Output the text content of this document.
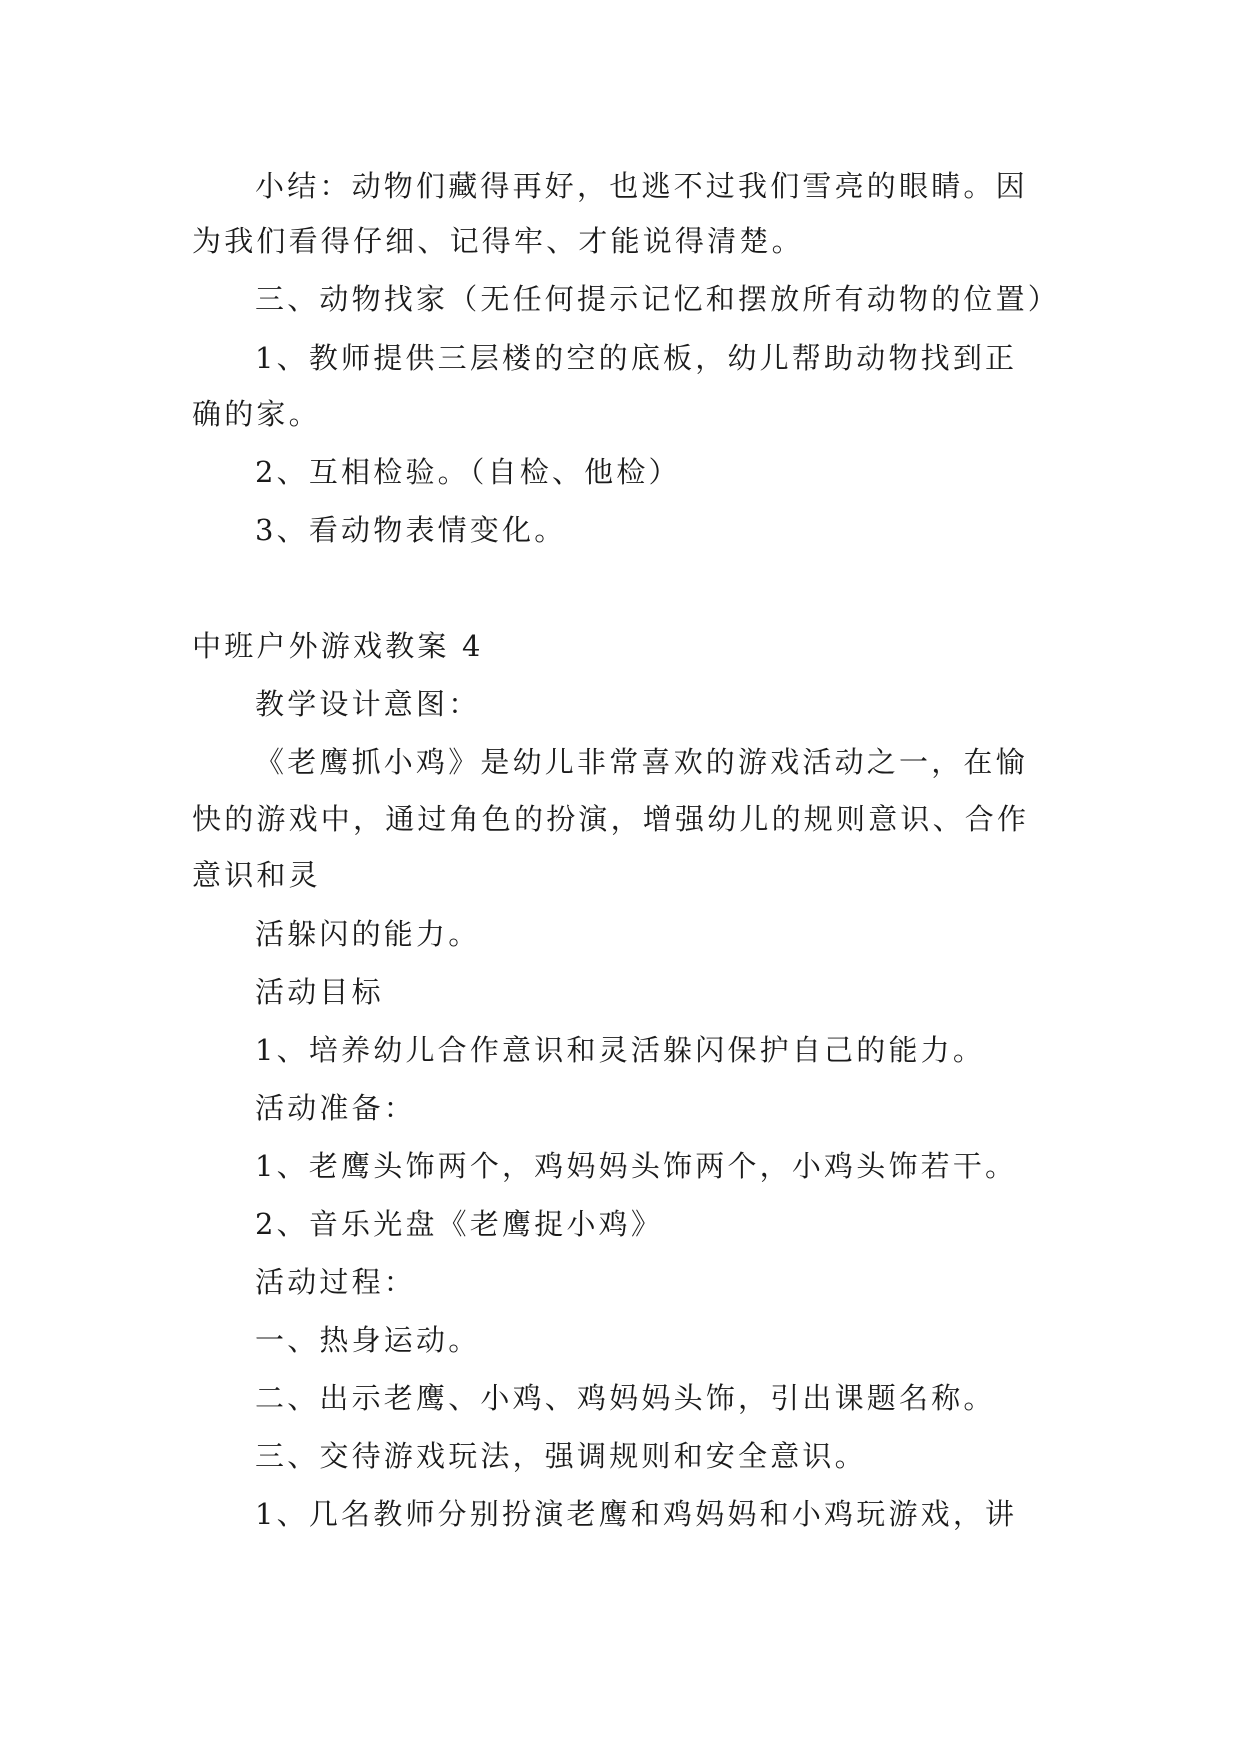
小结：动物们藏得再好，也逃不过我们雪亮的眼睛。因
为我们看得仔细、记得牢、才能说得清楚。
三、动物找家（无任何提示记忆和摆放所有动物的位置）
1、教师提供三层楼的空的底板，幼儿帮助动物找到正
确的家。
2、互相检验。（自检、他检）
3、看动物表情变化。
中班户外游戏教案 4
教学设计意图：
《老鹰抓小鸡》是幼儿非常喜欢的游戏活动之一，在愉
快的游戏中，通过角色的扮演，增强幼儿的规则意识、合作
意识和灵
活躲闪的能力。
活动目标
1、培养幼儿合作意识和灵活躲闪保护自己的能力。
活动准备：
1、老鹰头饰两个，鸡妈妈头饰两个，小鸡头饰若干。
2、音乐光盘《老鹰捉小鸡》
活动过程：
一、热身运动。
二、出示老鹰、小鸡、鸡妈妈头饰，引出课题名称。
三、交待游戏玩法，强调规则和安全意识。
1、几名教师分别扮演老鹰和鸡妈妈和小鸡玩游戏，讲
